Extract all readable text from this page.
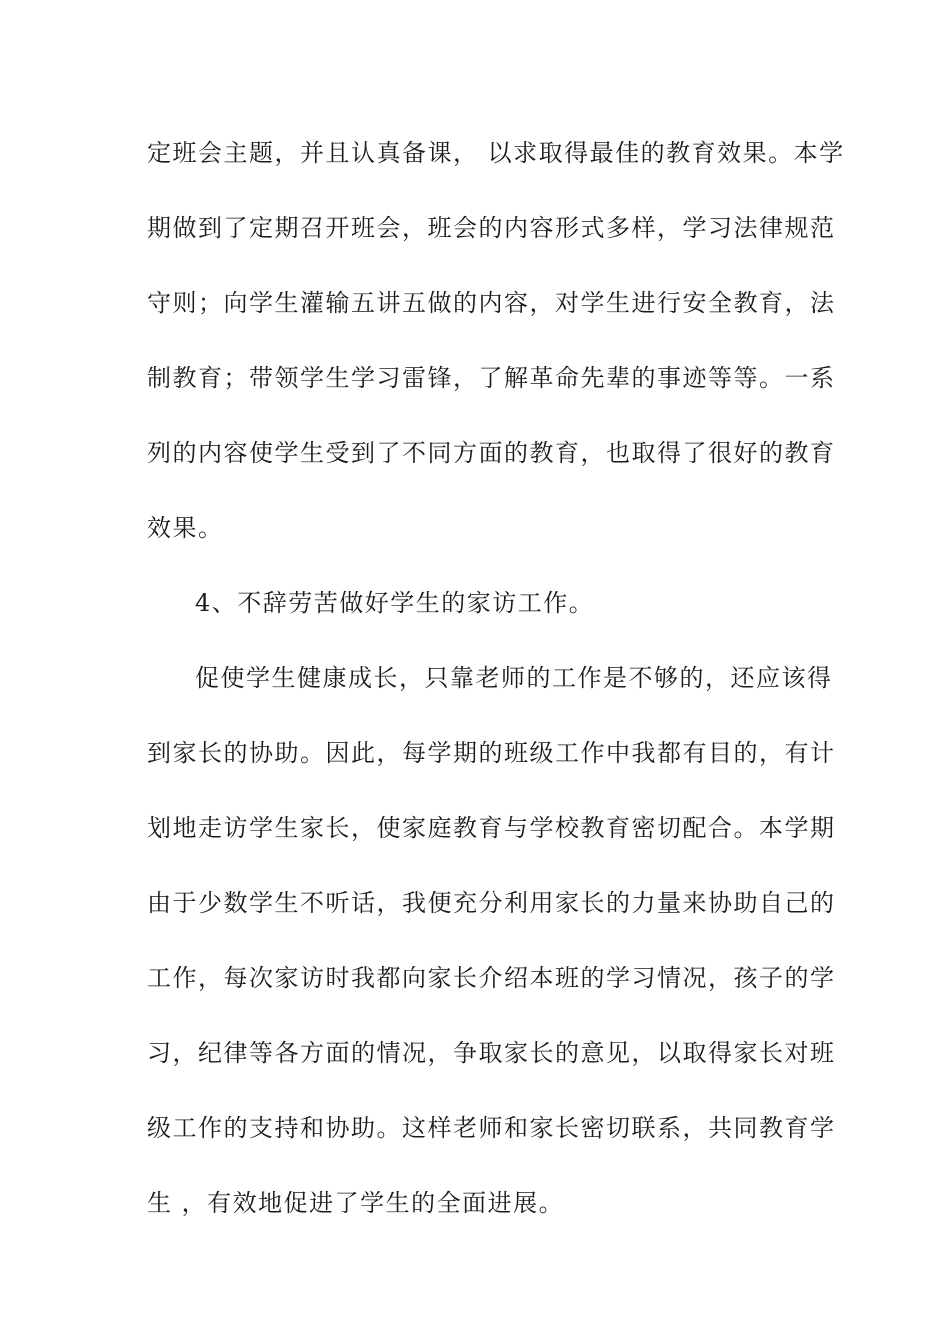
定班会主题，并且认真备课， 以求取得最佳的教育效果。本学
期做到了定期召开班会，班会的内容形式多样，学习法律规范
守则；向学生灌输五讲五做的内容，对学生进行安全教育，法
制教育；带领学生学习雷锋，了解革命先辈的事迹等等。一系
列的内容使学生受到了不同方面的教育，也取得了很好的教育
效果。
4、不辞劳苦做好学生的家访工作。
促使学生健康成长，只靠老师的工作是不够的，还应该得
到家长的协助。因此，每学期的班级工作中我都有目的，有计
划地走访学生家长，使家庭教育与学校教育密切配合。本学期
由于少数学生不听话，我便充分利用家长的力量来协助自己的
工作，每次家访时我都向家长介绍本班的学习情况，孩子的学
习，纪律等各方面的情况，争取家长的意见，以取得家长对班
级工作的支持和协助。这样老师和家长密切联系，共同教育学
生 ，有效地促进了学生的全面进展。
